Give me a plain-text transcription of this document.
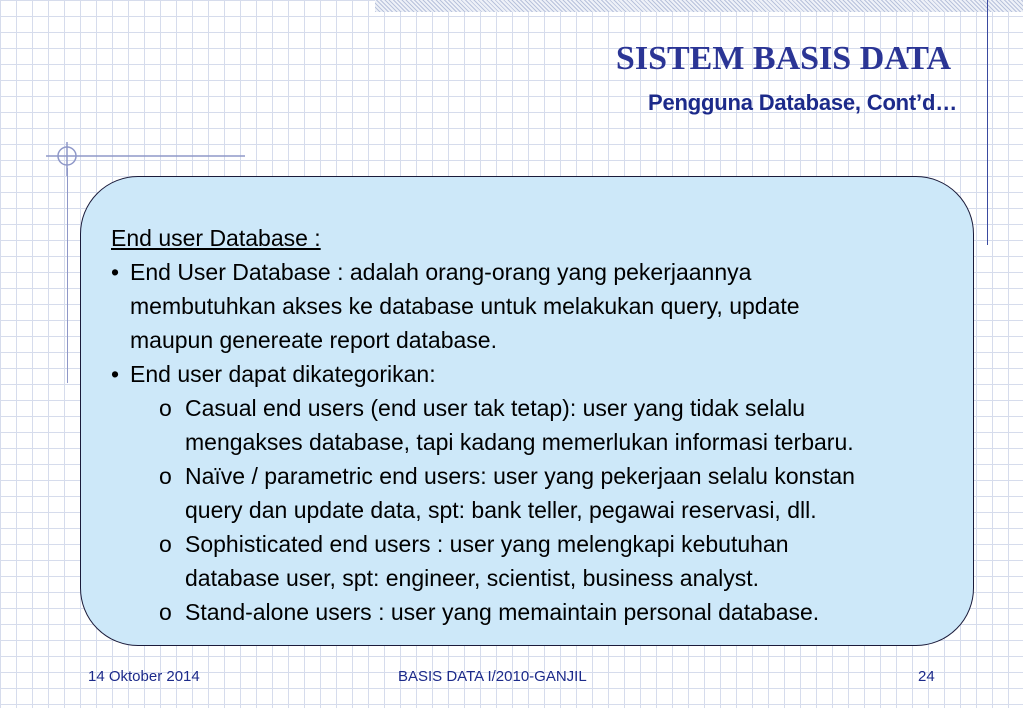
SISTEM BASIS DATA
Pengguna Database, Cont’d…
End user Database :
• End User Database : adalah orang-orang yang pekerjaannya
membutuhkan akses ke database untuk melakukan query, update
maupun genereate report database.
• End user dapat dikategorikan:
o Casual end users (end user tak tetap): user yang tidak selalu
mengakses database, tapi kadang memerlukan informasi terbaru.
o Naïve / parametric end users: user yang pekerjaan selalu konstan
query dan update data, spt: bank teller, pegawai reservasi, dll.
o Sophisticated end users : user yang melengkapi kebutuhan
database user, spt: engineer, scientist, business analyst.
o Stand-alone users : user yang memaintain personal database.
14 Oktober 2014	BASIS DATA I/2010-GANJIL	24
